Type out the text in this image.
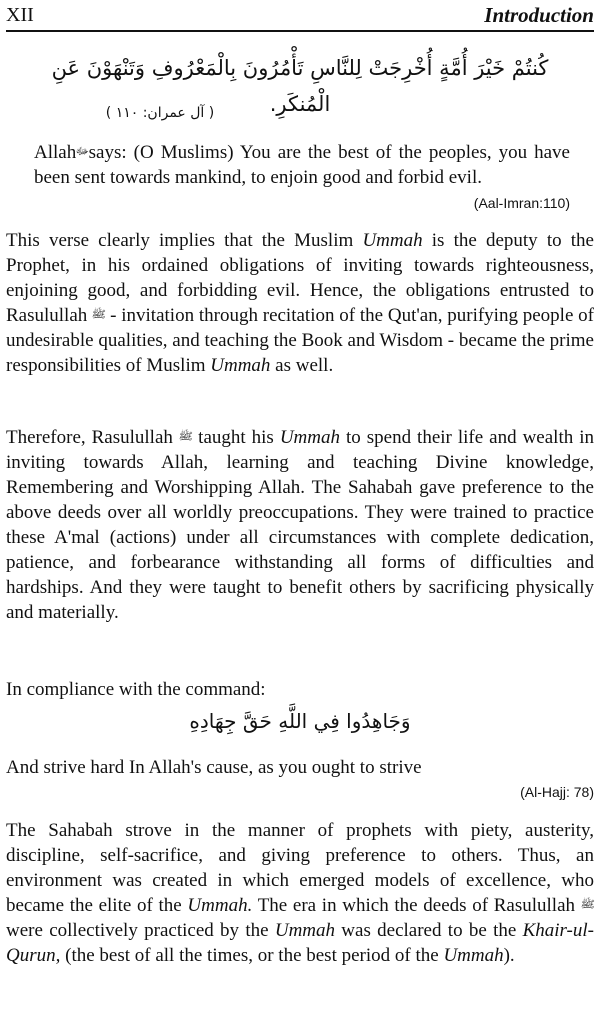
XII	Introduction
كُنتُمْ خَيْرَ أُمَّةٍ أُخْرِجَتْ لِلنَّاسِ تَأْمُرُونَ بِالْمَعْرُوفِ وَتَنْهَوْنَ عَنِ الْمُنكَرِ.
( آل عمران: ١١٠ )

Allahﷻsays: (O Muslims) You are the best of the peoples, you have been sent towards mankind, to enjoin good and forbid evil.

(Aal-Imran:110)

This verse clearly implies that the Muslim Ummah is the deputy to the Prophet, in his ordained obligations of inviting towards righteousness, enjoining good, and forbidding evil. Hence, the obligations entrusted to Rasulullah ﷺ - invitation through recitation of the Qut'an, purifying people of undesirable qualities, and teaching the Book and Wisdom - became the prime responsibilities of Muslim Ummah as well.

Therefore, Rasulullah ﷺ taught his Ummah to spend their life and wealth in inviting towards Allah, learning and teaching Divine knowledge, Remembering and Worshipping Allah. The Sahabah gave preference to the above deeds over all worldly preoccupations. They were trained to practice these A'mal (actions) under all circumstances with complete dedication, patience, and forbearance withstanding all forms of difficulties and hardships. And they were taught to benefit others by sacrificing physically and materially.

In compliance with the command:

وَجَاهِدُوا فِي اللَّهِ حَقَّ جِهَادِهِ
And strive hard In Allah's cause, as you ought to strive
(Al-Hajj: 78)

The Sahabah strove in the manner of prophets with piety, austerity, discipline, self-sacrifice, and giving preference to others. Thus, an environment was created in which emerged models of excellence, who became the elite of the Ummah. The era in which the deeds of Rasulullah ﷺ were collectively practiced by the Ummah was declared to be the Khair-ul-Qurun, (the best of all the times, or the best period of the Ummah).
